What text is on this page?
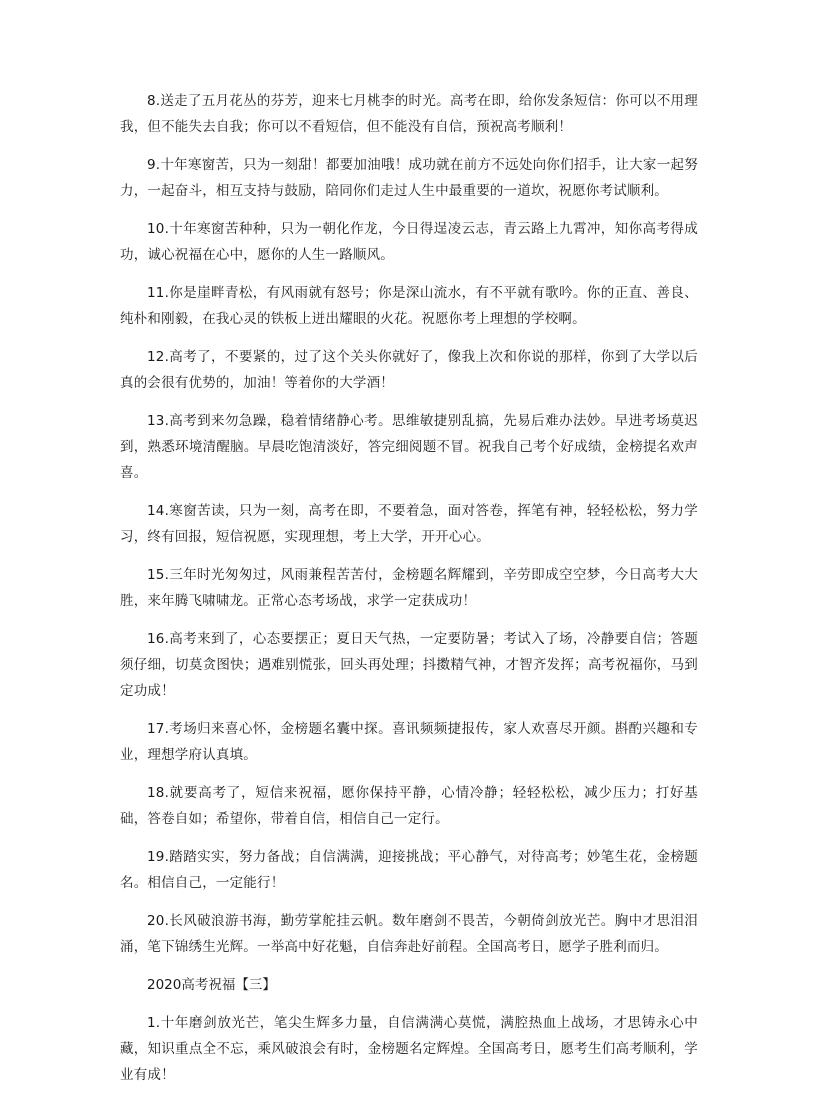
8.送走了五月花丛的芬芳，迎来七月桃李的时光。高考在即，给你发条短信：你可以不用理我，但不能失去自我；你可以不看短信，但不能没有自信，预祝高考顺利！

9.十年寒窗苦，只为一刻甜！都要加油哦！成功就在前方不远处向你们招手，让大家一起努力，一起奋斗，相互支持与鼓励，陪同你们走过人生中最重要的一道坎，祝愿你考试顺利。

10.十年寒窗苦种种，只为一朝化作龙，今日得逞凌云志，青云路上九霄冲，知你高考得成功，诚心祝福在心中，愿你的人生一路顺风。

11.你是崖畔青松，有风雨就有怒号；你是深山流水，有不平就有歌吟。你的正直、善良、纯朴和刚毅，在我心灵的铁板上迸出耀眼的火花。祝愿你考上理想的学校啊。

12.高考了，不要紧的，过了这个关头你就好了，像我上次和你说的那样，你到了大学以后真的会很有优势的，加油！等着你的大学酒！

13.高考到来勿急躁，稳着情绪静心考。思维敏捷别乱搞，先易后难办法妙。早进考场莫迟到，熟悉环境清醒脑。早晨吃饱清淡好，答完细阅题不冒。祝我自己考个好成绩，金榜提名欢声喜。

14.寒窗苦读，只为一刻，高考在即，不要着急，面对答卷，挥笔有神，轻轻松松，努力学习，终有回报，短信祝愿，实现理想，考上大学，开开心心。

15.三年时光匆匆过，风雨兼程苦苦付，金榜题名辉耀到，辛劳即成空空梦，今日高考大大胜，来年腾飞啸啸龙。正常心态考场战，求学一定获成功！

16.高考来到了，心态要摆正；夏日天气热，一定要防暑；考试入了场，冷静要自信；答题须仔细，切莫贪图快；遇难别慌张，回头再处理；抖擞精气神，才智齐发挥；高考祝福你，马到定功成！

17.考场归来喜心怀，金榜题名囊中探。喜讯频频捷报传，家人欢喜尽开颜。斟酌兴趣和专业，理想学府认真填。

18.就要高考了，短信来祝福，愿你保持平静，心情冷静；轻轻松松，减少压力；打好基础，答卷自如；希望你，带着自信，相信自己一定行。

19.踏踏实实，努力备战；自信满满，迎接挑战；平心静气，对待高考；妙笔生花，金榜题名。相信自己，一定能行！

20.长风破浪游书海，勤劳掌舵挂云帆。数年磨剑不畏苦，今朝倚剑放光芒。胸中才思泪泪涌，笔下锦绣生光辉。一举高中好花魁，自信奔赴好前程。全国高考日，愿学子胜利而归。

2020高考祝福【三】

1.十年磨剑放光芒，笔尖生辉多力量，自信满满心莫慌，满腔热血上战场，才思铸永心中藏，知识重点全不忘，乘风破浪会有时，金榜题名定辉煌。全国高考日，愿考生们高考顺利，学业有成！
